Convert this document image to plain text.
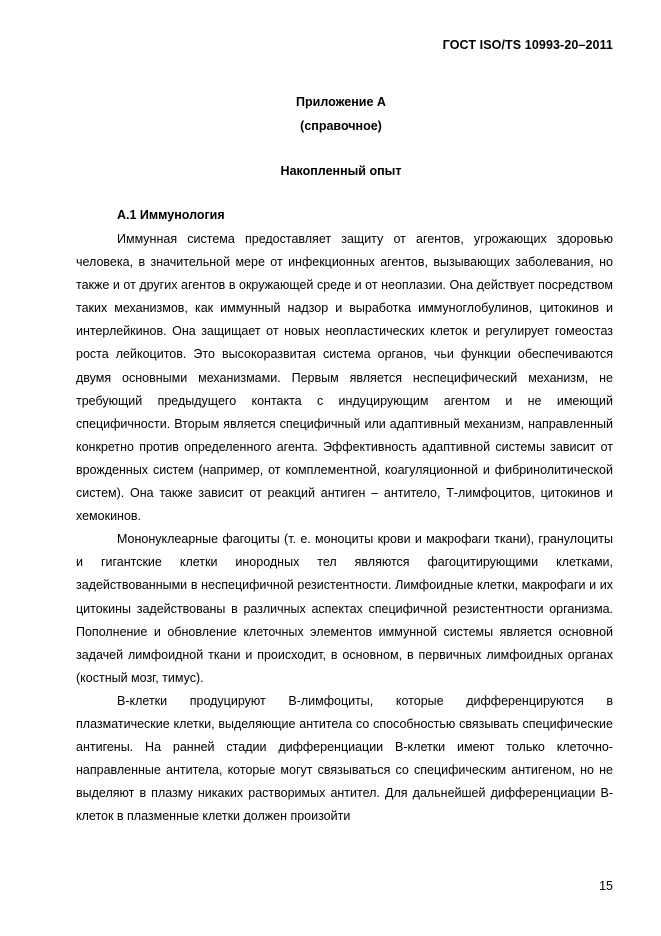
ГОСТ ISO/TS 10993-20–2011
Приложение А
(справочное)
Накопленный опыт
А.1 Иммунология

Иммунная система предоставляет защиту от агентов, угрожающих здоровью человека, в значительной мере от инфекционных агентов, вызывающих заболевания, но также и от других агентов в окружающей среде и от неоплазии. Она действует посредством таких механизмов, как иммунный надзор и выработка иммуноглобулинов, цитокинов и интерлейкинов. Она защищает от новых неопластических клеток и регулирует гомеостаз роста лейкоцитов. Это высокоразвитая система органов, чьи функции обеспечиваются двумя основными механизмами. Первым является неспецифический механизм, не требующий предыдущего контакта с индуцирующим агентом и не имеющий специфичности. Вторым является специфичный или адаптивный механизм, направленный конкретно против определенного агента. Эффективность адаптивной системы зависит от врожденных систем (например, от комплементной, коагуляционной и фибринолитической систем). Она также зависит от реакций антиген – антитело, Т-лимфоцитов, цитокинов и хемокинов.

Мононуклеарные фагоциты (т. е. моноциты крови и макрофаги ткани), гранулоциты и гигантские клетки инородных тел являются фагоцитирующими клетками, задействованными в неспецифичной резистентности. Лимфоидные клетки, макрофаги и их цитокины задействованы в различных аспектах специфичной резистентности организма. Пополнение и обновление клеточных элементов иммунной системы является основной задачей лимфоидной ткани и происходит, в основном, в первичных лимфоидных органах (костный мозг, тимус).

В-клетки продуцируют В-лимфоциты, которые дифференцируются в плазматические клетки, выделяющие антитела со способностью связывать специфические антигены. На ранней стадии дифференциации В-клетки имеют только клеточно-направленные антитела, которые могут связываться со специфическим антигеном, но не выделяют в плазму никаких растворимых антител. Для дальнейшей дифференциации В-клеток в плазменные клетки должен произойти

15
